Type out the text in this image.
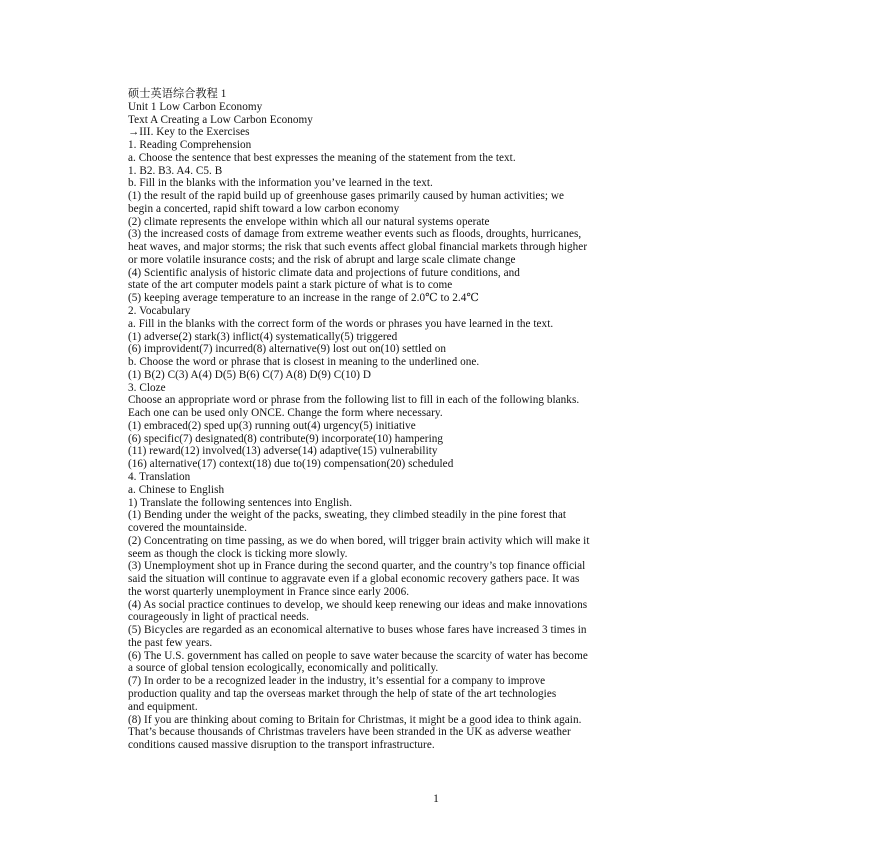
硕士英语综合教程 1
Unit 1 Low Carbon Economy
Text A Creating a Low Carbon Economy
→III. Key to the Exercises
1. Reading Comprehension
a. Choose the sentence that best expresses the meaning of the statement from the text.
1. B2. B3. A4. C5. B
b. Fill in the blanks with the information you’ve learned in the text.
(1) the result of the rapid build up of greenhouse gases primarily caused by human activities; we
begin a concerted, rapid shift toward a low carbon economy
(2) climate represents the envelope within which all our natural systems operate
(3) the increased costs of damage from extreme weather events such as floods, droughts, hurricanes,
heat waves, and major storms; the risk that such events affect global financial markets through higher
or more volatile insurance costs; and the risk of abrupt and large scale climate change
(4) Scientific analysis of historic climate data and projections of future conditions, and
state of the art computer models paint a stark picture of what is to come
(5) keeping average temperature to an increase in the range of 2.0℃ to 2.4℃
2. Vocabulary
a. Fill in the blanks with the correct form of the words or phrases you have learned in the text.
(1) adverse(2) stark(3) inflict(4) systematically(5) triggered
(6) improvident(7) incurred(8) alternative(9) lost out on(10) settled on
b. Choose the word or phrase that is closest in meaning to the underlined one.
(1) B(2) C(3) A(4) D(5) B(6) C(7) A(8) D(9) C(10) D
3. Cloze
Choose an appropriate word or phrase from the following list to fill in each of the following blanks.
Each one can be used only ONCE. Change the form where necessary.
(1) embraced(2) sped up(3) running out(4) urgency(5) initiative
(6) specific(7) designated(8) contribute(9) incorporate(10) hampering
(11) reward(12) involved(13) adverse(14) adaptive(15) vulnerability
(16) alternative(17) context(18) due to(19) compensation(20) scheduled
4. Translation
a. Chinese to English
1) Translate the following sentences into English.
(1) Bending under the weight of the packs, sweating, they climbed steadily in the pine forest that
covered the mountainside.
(2) Concentrating on time passing, as we do when bored, will trigger brain activity which will make it
seem as though the clock is ticking more slowly.
(3) Unemployment shot up in France during the second quarter, and the country’s top finance official
said the situation will continue to aggravate even if a global economic recovery gathers pace. It was
the worst quarterly unemployment in France since early 2006.
(4) As social practice continues to develop, we should keep renewing our ideas and make innovations
courageously in light of practical needs.
(5) Bicycles are regarded as an economical alternative to buses whose fares have increased 3 times in
the past few years.
(6) The U.S. government has called on people to save water because the scarcity of water has become
a source of global tension ecologically, economically and politically.
(7) In order to be a recognized leader in the industry, it’s essential for a company to improve
production quality and tap the overseas market through the help of state of the art technologies
and equipment.
(8) If you are thinking about coming to Britain for Christmas, it might be a good idea to think again.
That’s because thousands of Christmas travelers have been stranded in the UK as adverse weather
conditions caused massive disruption to the transport infrastructure.
1
